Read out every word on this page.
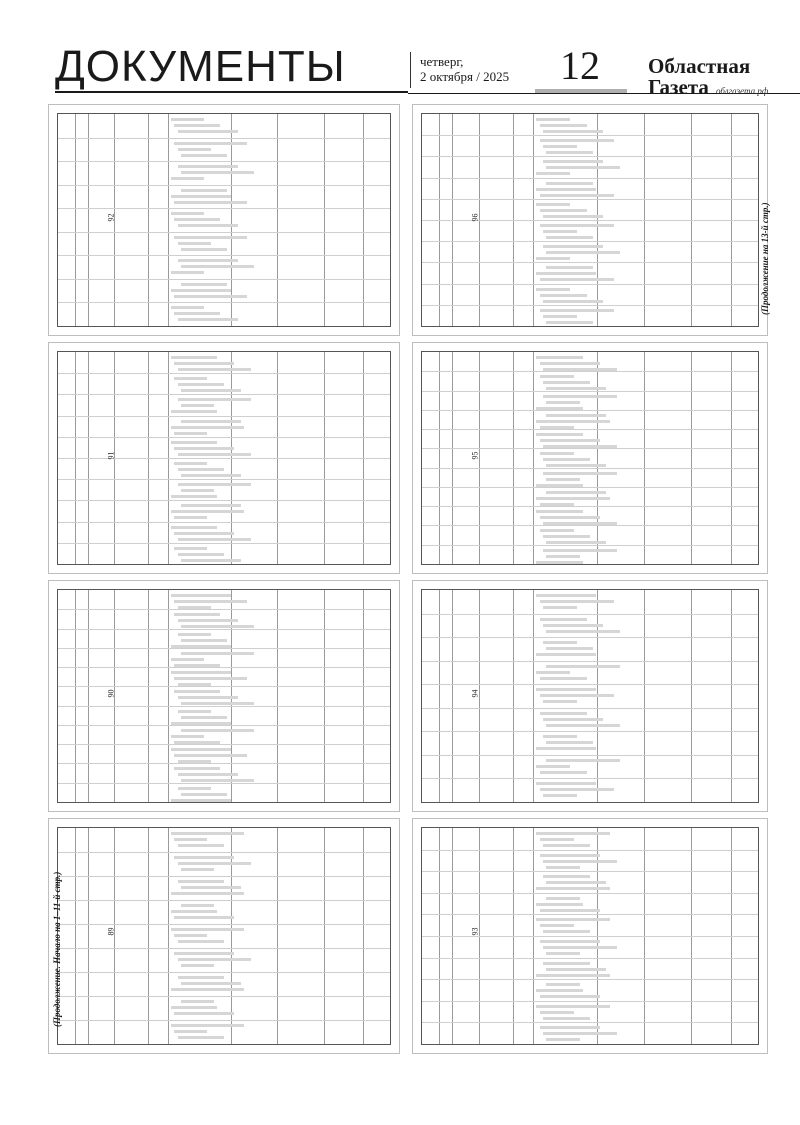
ДОКУМЕНТЫ	четверг,
2 октября / 2025	12	Областная
Газета облгазета.рф
92
91
90
89
96
95
94
93
(Продолжение. Начало на 1–11-й стр.)
(Продолжение на 13-й стр.)
